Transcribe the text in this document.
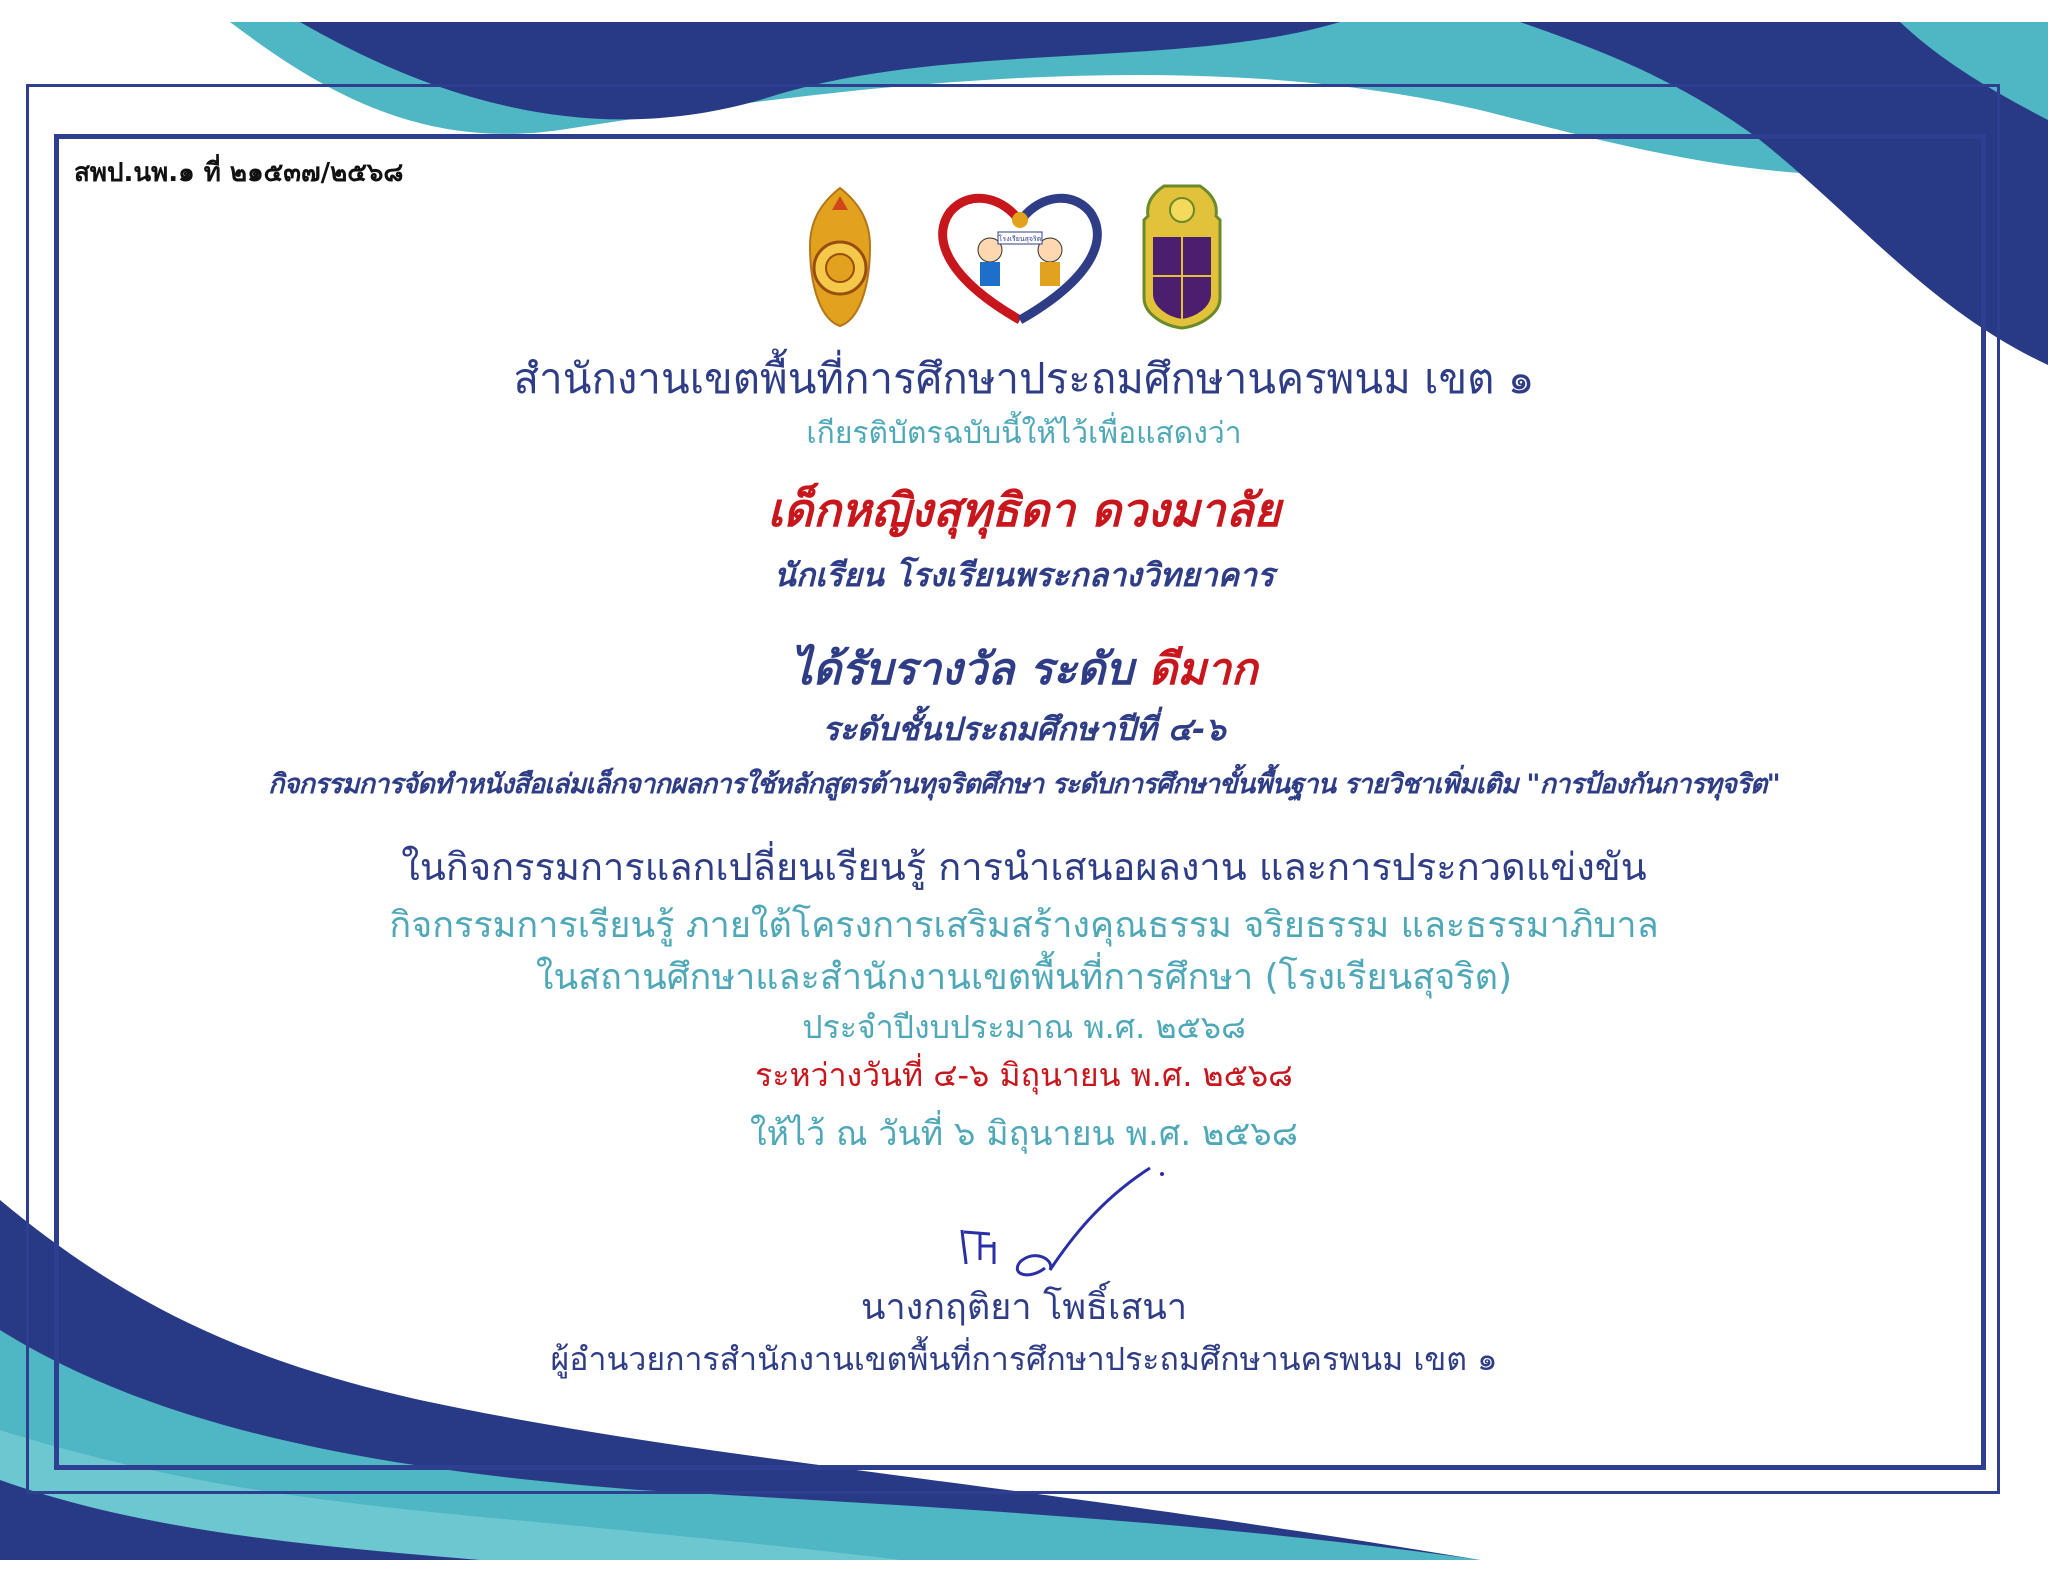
สพป.นพ.๑ ที่ ๒๑๕๓๗/๒๕๖๘
โรงเรียนสุจริต
สำนักงานเขตพื้นที่การศึกษาประถมศึกษานครพนม เขต ๑
เกียรติบัตรฉบับนี้ให้ไว้เพื่อแสดงว่า
เด็กหญิงสุทุธิดา ดวงมาลัย
นักเรียน โรงเรียนพระกลางวิทยาคาร
ได้รับรางวัล ระดับ ดีมาก
ระดับชั้นประถมศึกษาปีที่ ๔-๖
กิจกรรมการจัดทำหนังสือเล่มเล็กจากผลการใช้หลักสูตรต้านทุจริตศึกษา ระดับการศึกษาขั้นพื้นฐาน รายวิชาเพิ่มเติม "การป้องกันการทุจริต"
ในกิจกรรมการแลกเปลี่ยนเรียนรู้ การนำเสนอผลงาน และการประกวดแข่งขัน
กิจกรรมการเรียนรู้ ภายใต้โครงการเสริมสร้างคุณธรรม จริยธรรม และธรรมาภิบาล
ในสถานศึกษาและสำนักงานเขตพื้นที่การศึกษา (โรงเรียนสุจริต)
ประจำปีงบประมาณ พ.ศ. ๒๕๖๘
ระหว่างวันที่ ๔-๖ มิถุนายน พ.ศ. ๒๕๖๘
ให้ไว้ ณ วันที่ ๖ มิถุนายน พ.ศ. ๒๕๖๘
นางกฤติยา โพธิ์เสนา
ผู้อำนวยการสำนักงานเขตพื้นที่การศึกษาประถมศึกษานครพนม เขต ๑
